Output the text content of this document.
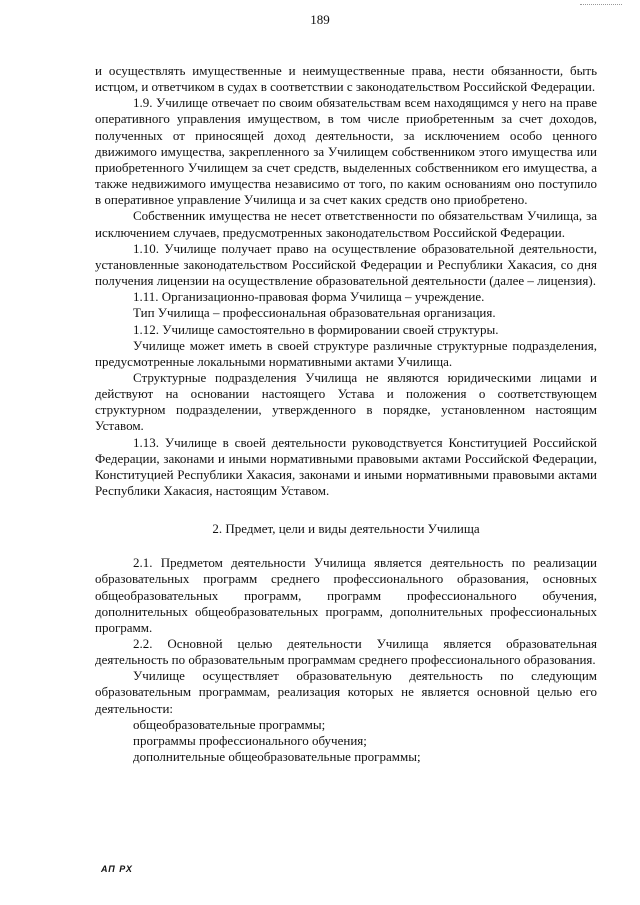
189

и осуществлять имущественные и неимущественные права, нести обязанности, быть истцом, и ответчиком в судах в соответствии с законодательством Российской Федерации.

1.9. Училище отвечает по своим обязательствам всем находящимся у него на праве оперативного управления имуществом, в том числе приобретенным за счет доходов, полученных от приносящей доход деятельности, за исключением особо ценного движимого имущества, закрепленного за Училищем собственником этого имущества или приобретенного Училищем за счет средств, выделенных собственником его имущества, а также недвижимого имущества независимо от того, по каким основаниям оно поступило в оперативное управление Училища и за счет каких средств оно приобретено.

Собственник имущества не несет ответственности по обязательствам Училища, за исключением случаев, предусмотренных законодательством Российской Федерации.

1.10. Училище получает право на осуществление образовательной деятельности, установленные законодательством Российской Федерации и Республики Хакасия, со дня получения лицензии на осуществление образовательной деятельности (далее – лицензия).

1.11. Организационно-правовая форма Училища – учреждение.

Тип Училища – профессиональная образовательная организация.

1.12. Училище самостоятельно в формировании своей структуры.

Училище может иметь в своей структуре различные структурные подразделения, предусмотренные локальными нормативными актами Училища.

Структурные подразделения Училища не являются юридическими лицами и действуют на основании настоящего Устава и положения о соответствующем структурном подразделении, утвержденного в порядке, установленном настоящим Уставом.

1.13. Училище в своей деятельности руководствуется Конституцией Российской Федерации, законами и иными нормативными правовыми актами Российской Федерации, Конституцией Республики Хакасия, законами и иными нормативными правовыми актами Республики Хакасия, настоящим Уставом.

2. Предмет, цели и виды деятельности Училища

2.1. Предметом деятельности Училища является деятельность по реализации образовательных программ среднего профессионального образования, основных общеобразовательных программ, программ профессионального обучения, дополнительных общеобразовательных программ, дополнительных профессиональных программ.

2.2. Основной целью деятельности Училища является образовательная деятельность по образовательным программам среднего профессионального образования.

Училище осуществляет образовательную деятельность по следующим образовательным программам, реализация которых не является основной целью его деятельности:

общеобразовательные программы;

программы профессионального обучения;

дополнительные общеобразовательные программы;

АП РХ
